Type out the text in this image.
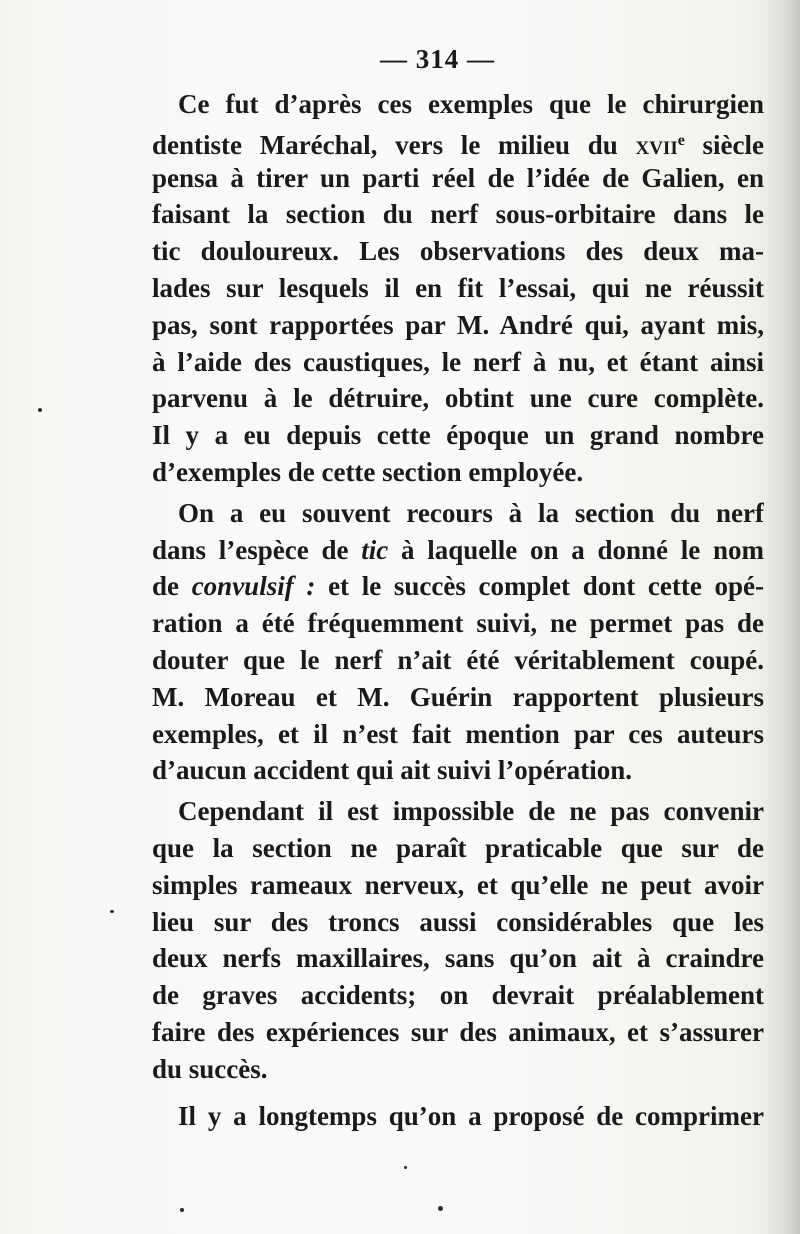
— 314 —
Ce fut d’après ces exemples que le chirurgien
dentiste Maréchal, vers le milieu du xvii$^e$ siècle
pensa à tirer un parti réel de l’idée de Galien, en
faisant la section du nerf sous-orbitaire dans le
tic douloureux. Les observations des deux ma-
lades sur lesquels il en fit l’essai, qui ne réussit
pas, sont rapportées par M. André qui, ayant mis,
à l’aide des caustiques, le nerf à nu, et étant ainsi
parvenu à le détruire, obtint une cure complète.
Il y a eu depuis cette époque un grand nombre
d’exemples de cette section employée.
On a eu souvent recours à la section du nerf
dans l’espèce de tic à laquelle on a donné le nom
de convulsif : et le succès complet dont cette opé-
ration a été fréquemment suivi, ne permet pas de
douter que le nerf n’ait été véritablement coupé.
M. Moreau et M. Guérin rapportent plusieurs
exemples, et il n’est fait mention par ces auteurs
d’aucun accident qui ait suivi l’opération.
Cependant il est impossible de ne pas convenir
que la section ne paraît praticable que sur de
simples rameaux nerveux, et qu’elle ne peut avoir
lieu sur des troncs aussi considérables que les
deux nerfs maxillaires, sans qu’on ait à craindre
de graves accidents; on devrait préalablement
faire des expériences sur des animaux, et s’assurer
du succès.
Il y a longtemps qu’on a proposé de comprimer
